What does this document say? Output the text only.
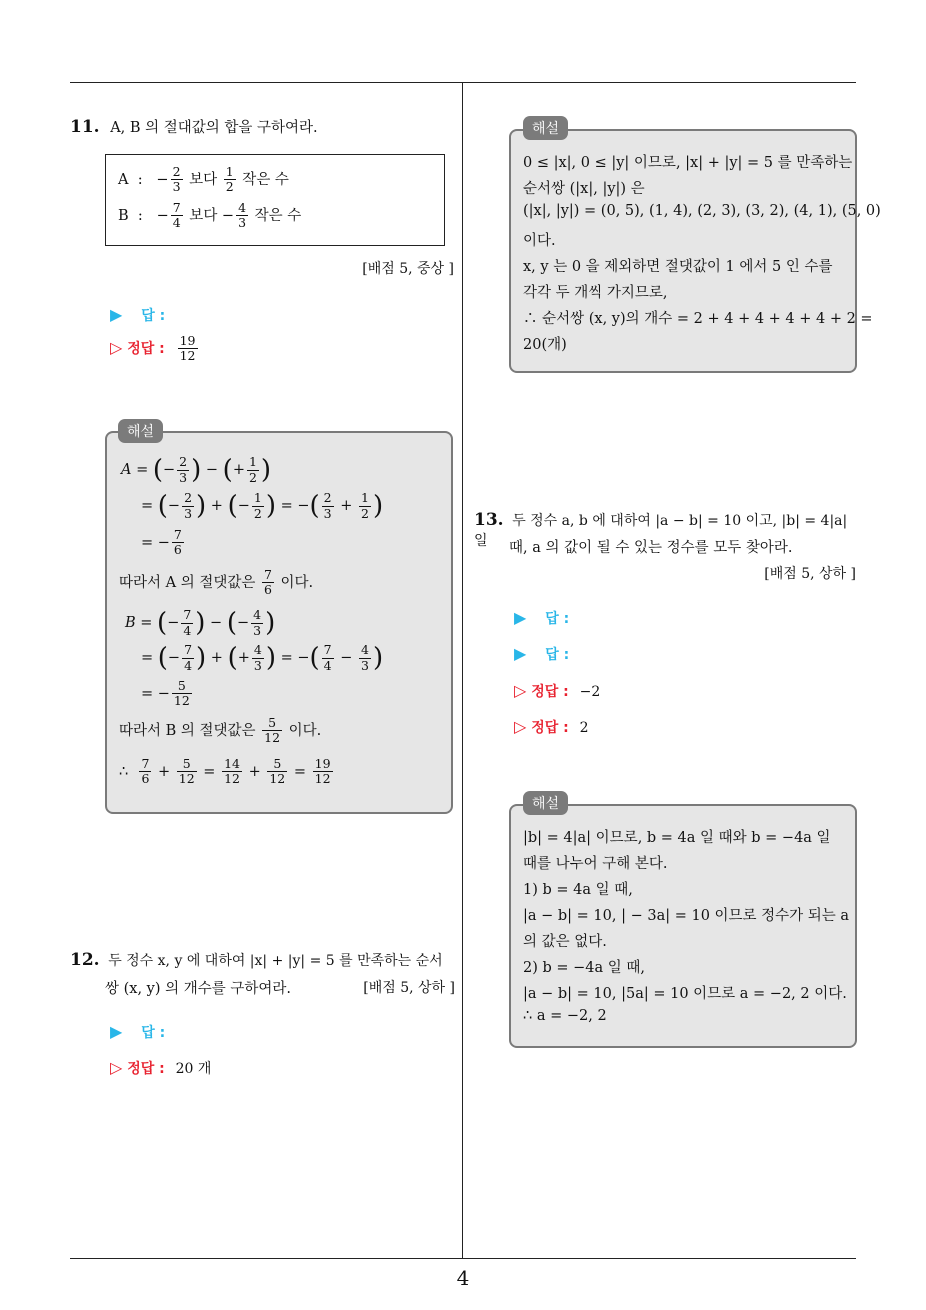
11. A, B 의 절대값의 합을 구하여라.
A  :   − $\frac{2}{3}$ 보다 $\frac{1}{2}$ 작은 수
B  :   − $\frac{7}{4}$ 보다 − $\frac{4}{3}$ 작은 수
[배점 5, 중상 ]
▶ 답 :
▷ 정답 : $\frac{19}{12}$
A = (− $\frac{2}{3}$ ) − (+ $\frac{1}{2}$ )
= (− $\frac{2}{3}$ ) + (− $\frac{1}{2}$ ) = −( $\frac{2}{3} + \frac{1}{2}$ )
= − $\frac{7}{6}$
따라서 A 의 절댓값은 $\frac{7}{6}$ 이다.
B = (− $\frac{7}{4}$ ) − (− $\frac{4}{3}$ )
= (− $\frac{7}{4}$ ) + (+ $\frac{4}{3}$ ) = −( $\frac{7}{4} - \frac{4}{3}$ )
= − $\frac{5}{12}$
따라서 B 의 절댓값은 $\frac{5}{12}$ 이다.
∴ $\frac{7}{6} + \frac{5}{12} = \frac{14}{12} + \frac{5}{12} = \frac{19}{12}$
해설
12. 두 정수 x, y 에 대하여 |x| + |y| = 5 를 만족하는 순서
쌍 (x, y) 의 개수를 구하여라.	[배점 5, 상하 ]
▶ 답 :
▷ 정답 : 20 개
0 ≤ |x|, 0 ≤ |y| 이므로, |x| + |y| = 5 를 만족하는
순서쌍 (|x|, |y|) 은
(|x|, |y|) = (0, 5), (1, 4), (2, 3), (3, 2), (4, 1), (5, 0)
이다.
x, y 는 0 을 제외하면 절댓값이 1 에서 5 인 수를
각각 두 개씩 가지므로,
∴ 순서쌍 (x, y)의 개수 = 2 + 4 + 4 + 4 + 4 + 2 =
20(개)
해설
13. 두 정수 a, b 에 대하여 |a − b| = 10 이고, |b| = 4|a| 일	때, a 의 값이 될 수 있는 정수를 모두 찾아라.
[배점 5, 상하 ]
▶ 답 :
▶ 답 :
▷ 정답 : −2
▷ 정답 : 2
|b| = 4|a| 이므로, b = 4a 일 때와 b = −4a 일
때를 나누어 구해 본다.
1) b = 4a 일 때,
|a − b| = 10, | − 3a| = 10 이므로 정수가 되는 a
의 값은 없다.
2) b = −4a 일 때,
|a − b| = 10, |5a| = 10 이므로 a = −2, 2 이다.
∴ a = −2, 2
해설
4
